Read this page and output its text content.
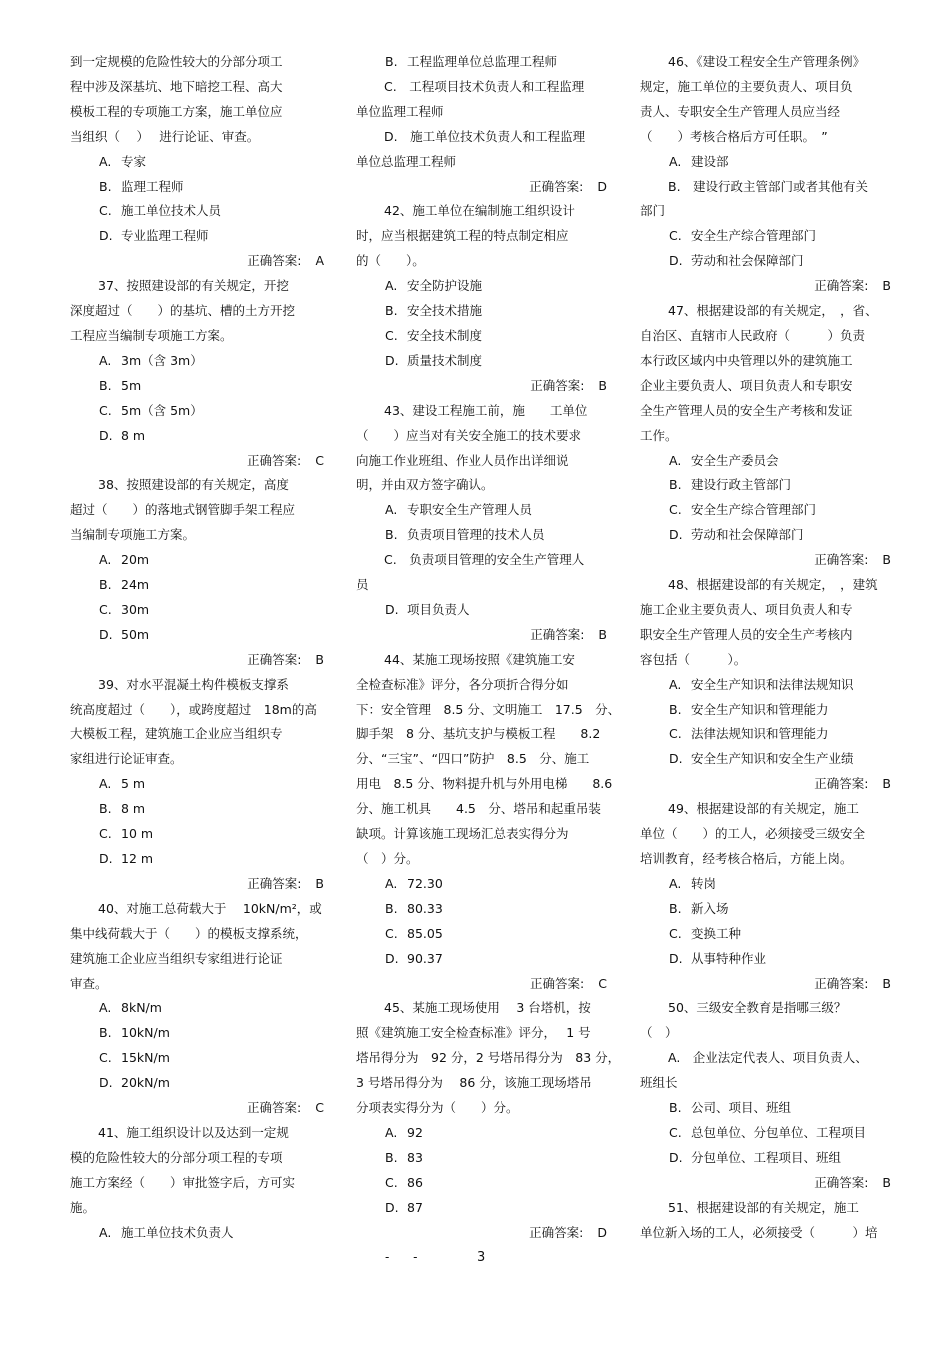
到一定规模的危险性较大的分部分项工
程中涉及深基坑、地下暗挖工程、高大
模板工程的专项施工方案，施工单位应
当组织（　 ）　 进行论证、审查。
A. 专家
B. 监理工程师
C. 施工单位技术人员
D. 专业监理工程师
正确答案: A
37、按照建设部的有关规定，开挖
深度超过（　　）的基坑、槽的土方开挖
工程应当编制专项施工方案。
A. 3m（含 3m）
B. 5m
C. 5m（含 5m）
D. 8 m
正确答案: C
38、按照建设部的有关规定，高度
超过（　　）的落地式钢管脚手架工程应
当编制专项施工方案。
A. 20m
B. 24m
C. 30m
D. 50m
正确答案: B
39、对水平混凝土构件模板支撑系
统高度超过（　　），或跨度超过　18m的高
大模板工程，建筑施工企业应当组织专
家组进行论证审查。
A. 5 m
B. 8 m
C. 10 m
D. 12 m
正确答案: B
40、对施工总荷载大于　 10kN/m²，或
集中线荷载大于（　　）的模板支撑系统，
建筑施工企业应当组织专家组进行论证
审查。
A. 8kN/m
B. 10kN/m
C. 15kN/m
D. 20kN/m
正确答案: C
41、施工组织设计以及达到一定规
模的危险性较大的分部分项工程的专项
施工方案经（　　）审批签字后，方可实
施。
A. 施工单位技术负责人
B. 工程监理单位总监理工程师
C.　工程项目技术负责人和工程监理
单位监理工程师
D.　施工单位技术负责人和工程监理
单位总监理工程师
正确答案: D
42、施工单位在编制施工组织设计
时，应当根据建筑工程的特点制定相应
的（　　）。
A. 安全防护设施
B. 安全技术措施
C. 安全技术制度
D. 质量技术制度
正确答案: B
43、建设工程施工前，施　　工单位
（　　）应当对有关安全施工的技术要求
向施工作业班组、作业人员作出详细说
明，并由双方签字确认。
A. 专职安全生产管理人员
B. 负责项目管理的技术人员
C.　负责项目管理的安全生产管理人
员
D. 项目负责人
正确答案: B
44、某施工现场按照《建筑施工安
全检查标准》评分，各分项折合得分如
下：安全管理　8.5 分、文明施工　17.5　分、
脚手架　8 分、基坑支护与模板工程　　8.2
分、“三宝”、“四口”防护　8.5　分、施工
用电　8.5 分、物料提升机与外用电梯　　8.6
分、施工机具　　4.5　分、塔吊和起重吊装
缺项。计算该施工现场汇总表实得分为
（　）分。
A. 72.30
B. 80.33
C. 85.05
D. 90.37
正确答案: C
45、某施工现场使用　 3 台塔机，按
照《建筑施工安全检查标准》评分，　 1 号
塔吊得分为　92 分，2 号塔吊得分为　83 分，
3 号塔吊得分为　 86 分，该施工现场塔吊
分项表实得分为（　　）分。
A. 92
B. 83
C. 86
D. 87
正确答案: D
46、《建设工程安全生产管理条例》
规定，施工单位的主要负责人、项目负
责人、专职安全生产管理人员应当经
（　　）考核合格后方可任职。　”
A. 建设部
B.　建设行政主管部门或者其他有关
部门
C. 安全生产综合管理部门
D. 劳动和社会保障部门
正确答案: B
47、根据建设部的有关规定，　，省、
自治区、直辖市人民政府（　　　）负责
本行政区域内中央管理以外的建筑施工
企业主要负责人、项目负责人和专职安
全生产管理人员的安全生产考核和发证
工作。
A. 安全生产委员会
B. 建设行政主管部门
C. 安全生产综合管理部门
D. 劳动和社会保障部门
正确答案: B
48、根据建设部的有关规定，　，建筑
施工企业主要负责人、项目负责人和专
职安全生产管理人员的安全生产考核内
容包括（　　　）。
A. 安全生产知识和法律法规知识
B. 安全生产知识和管理能力
C. 法律法规知识和管理能力
D. 安全生产知识和安全生产业绩
正确答案: B
49、根据建设部的有关规定，施工
单位（　　）的工人，必须接受三级安全
培训教育，经考核合格后，方能上岗。
A. 转岗
B. 新入场
C. 变换工种
D. 从事特种作业
正确答案: B
50、三级安全教育是指哪三级？
（　）
A.　企业法定代表人、项目负责人、
班组长
B. 公司、项目、班组
C. 总包单位、分包单位、工程项目
D. 分包单位、工程项目、班组
正确答案: B
51、根据建设部的有关规定，施工
单位新入场的工人，必须接受（　　　）培
- -	3
